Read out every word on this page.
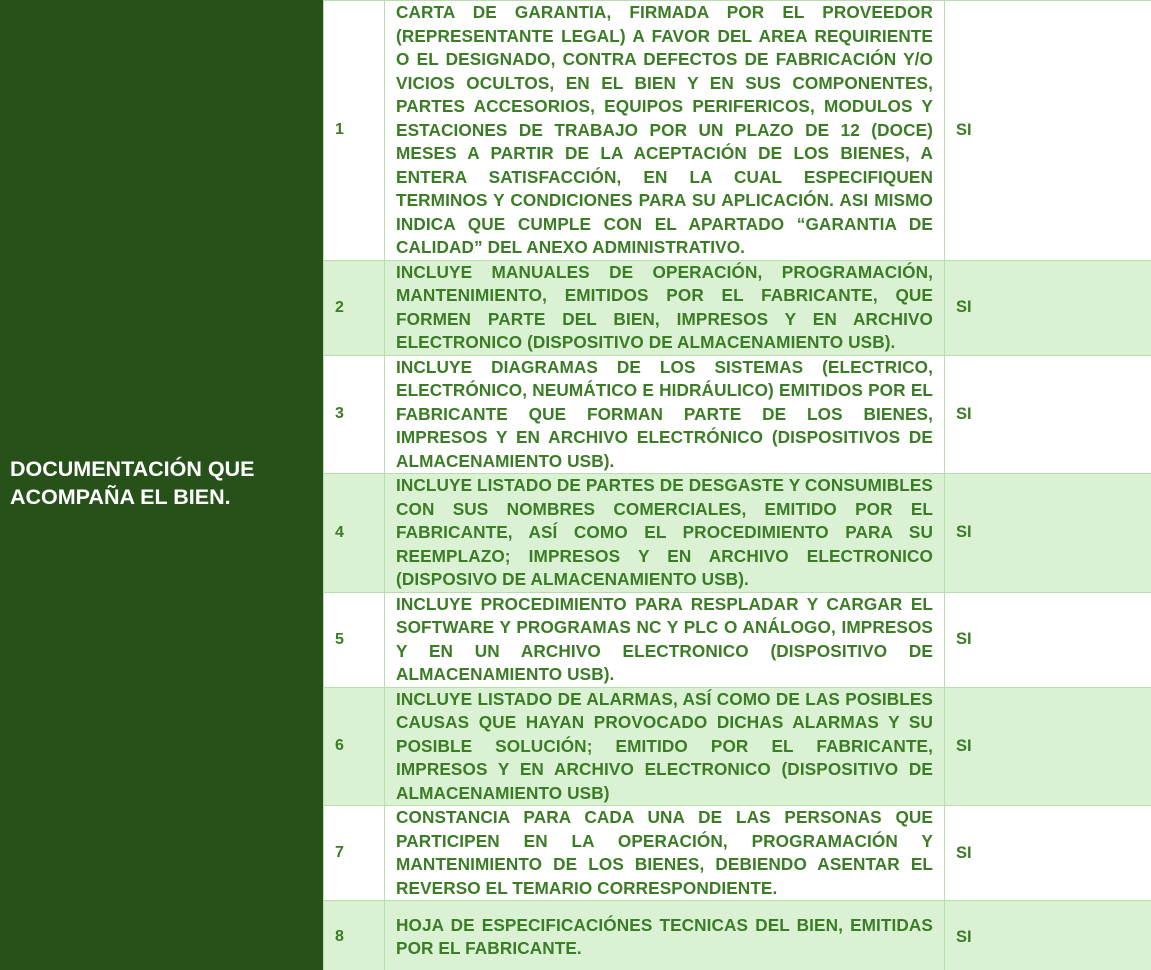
DOCUMENTACIÓN QUE ACOMPAÑA EL BIEN.

1	CARTA DE GARANTIA, FIRMADA POR EL PROVEEDOR (REPRESENTANTE LEGAL) A FAVOR DEL AREA REQUIRIENTE O EL DESIGNADO, CONTRA DEFECTOS DE FABRICACIÓN Y/O VICIOS OCULTOS, EN EL BIEN Y EN SUS COMPONENTES, PARTES ACCESORIOS, EQUIPOS PERIFERICOS, MODULOS Y ESTACIONES DE TRABAJO POR UN PLAZO DE 12 (DOCE) MESES A PARTIR DE LA ACEPTACIÓN DE LOS BIENES, A ENTERA SATISFACCIÓN, EN LA CUAL ESPECIFIQUEN TERMINOS Y CONDICIONES PARA SU APLICACIÓN. ASI MISMO INDICA QUE CUMPLE CON EL APARTADO “GARANTIA DE CALIDAD” DEL ANEXO ADMINISTRATIVO.	SI
2	INCLUYE MANUALES DE OPERACIÓN, PROGRAMACIÓN, MANTENIMIENTO, EMITIDOS POR EL FABRICANTE, QUE FORMEN PARTE DEL BIEN, IMPRESOS Y EN ARCHIVO ELECTRONICO (DISPOSITIVO DE ALMACENAMIENTO USB).	SI
3	INCLUYE DIAGRAMAS DE LOS SISTEMAS (ELECTRICO, ELECTRÓNICO, NEUMÁTICO E HIDRÁULICO) EMITIDOS POR EL FABRICANTE QUE FORMAN PARTE DE LOS BIENES, IMPRESOS Y EN ARCHIVO ELECTRÓNICO (DISPOSITIVOS DE ALMACENAMIENTO USB).	SI
4	INCLUYE LISTADO DE PARTES DE DESGASTE Y CONSUMIBLES CON SUS NOMBRES COMERCIALES, EMITIDO POR EL FABRICANTE, ASÍ COMO EL PROCEDIMIENTO PARA SU REEMPLAZO; IMPRESOS Y EN ARCHIVO ELECTRONICO (DISPOSIVO DE ALMACENAMIENTO USB).	SI
5	INCLUYE PROCEDIMIENTO PARA RESPLADAR Y CARGAR EL SOFTWARE Y PROGRAMAS NC Y PLC O ANÁLOGO, IMPRESOS Y EN UN ARCHIVO ELECTRONICO (DISPOSITIVO DE ALMACENAMIENTO USB).	SI
6	INCLUYE LISTADO DE ALARMAS, ASÍ COMO DE LAS POSIBLES CAUSAS QUE HAYAN PROVOCADO DICHAS ALARMAS Y SU POSIBLE SOLUCIÓN; EMITIDO POR EL FABRICANTE, IMPRESOS Y EN ARCHIVO ELECTRONICO (DISPOSITIVO DE ALMACENAMIENTO USB)	SI
7	CONSTANCIA PARA CADA UNA DE LAS PERSONAS QUE PARTICIPEN EN LA OPERACIÓN, PROGRAMACIÓN Y MANTENIMIENTO DE LOS BIENES, DEBIENDO ASENTAR EL REVERSO EL TEMARIO CORRESPONDIENTE.	SI
8	HOJA DE ESPECIFICACIÓNES TECNICAS DEL BIEN, EMITIDAS POR EL FABRICANTE.	SI
